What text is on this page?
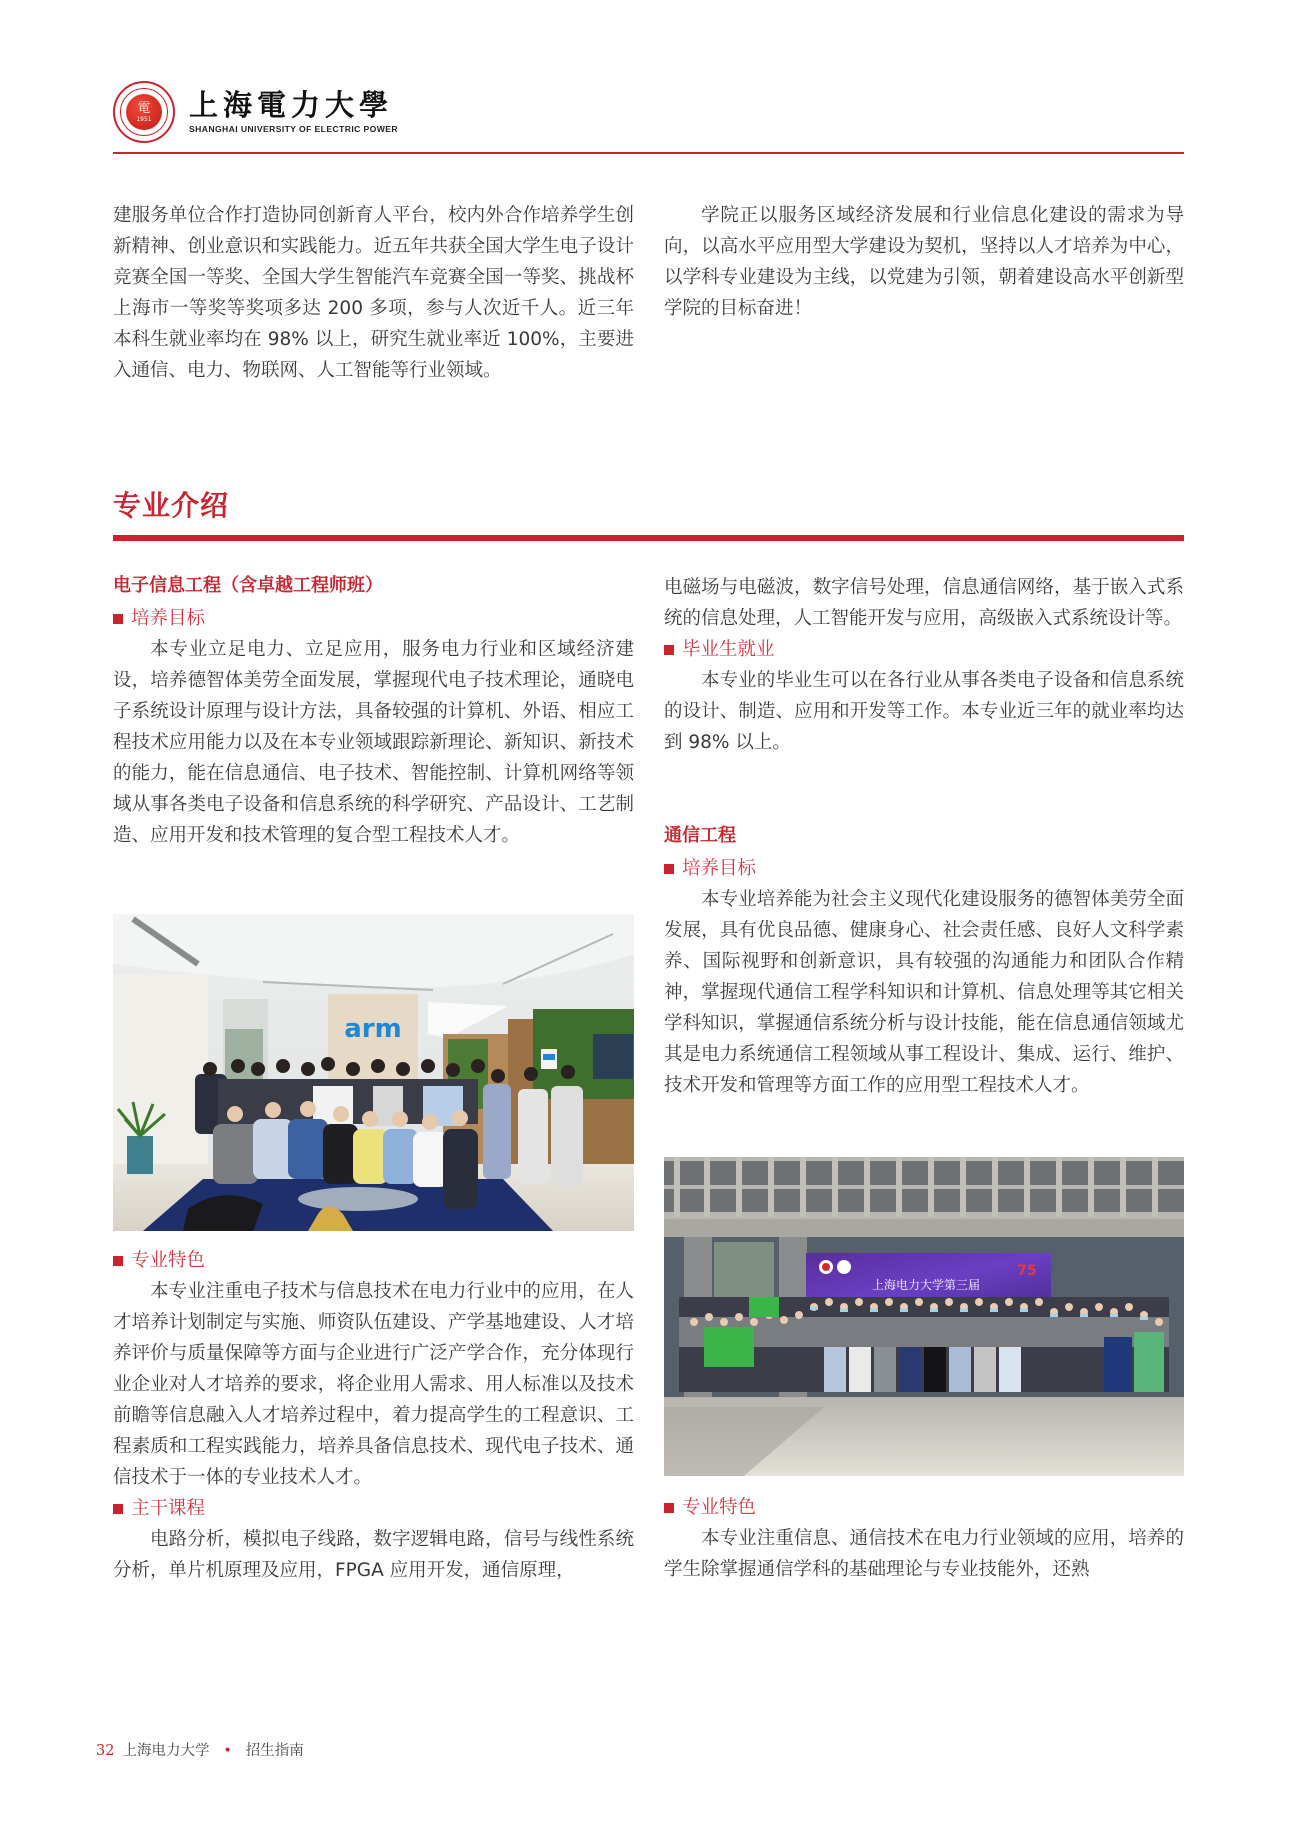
電
1951 上海電力大學
SHANGHAI UNIVERSITY OF ELECTRIC POWER

建服务单位合作打造协同创新育人平台，校内外合作培养学生创新精神、创业意识和实践能力。近五年共获全国大学生电子设计竞赛全国一等奖、全国大学生智能汽车竞赛全国一等奖、挑战杯上海市一等奖等奖项多达 200 多项，参与人次近千人。近三年本科生就业率均在 98% 以上，研究生就业率近 100%，主要进入通信、电力、物联网、人工智能等行业领域。

学院正以服务区域经济发展和行业信息化建设的需求为导向，以高水平应用型大学建设为契机，坚持以人才培养为中心，以学科专业建设为主线，以党建为引领，朝着建设高水平创新型学院的目标奋进！

专业介绍

电子信息工程（含卓越工程师班）

培养目标

本专业立足电力、立足应用，服务电力行业和区域经济建设，培养德智体美劳全面发展，掌握现代电子技术理论，通晓电子系统设计原理与设计方法，具备较强的计算机、外语、相应工程技术应用能力以及在本专业领域跟踪新理论、新知识、新技术的能力，能在信息通信、电子技术、智能控制、计算机网络等领域从事各类电子设备和信息系统的科学研究、产品设计、工艺制造、应用开发和技术管理的复合型工程技术人才。

arm

专业特色

本专业注重电子技术与信息技术在电力行业中的应用，在人才培养计划制定与实施、师资队伍建设、产学基地建设、人才培养评价与质量保障等方面与企业进行广泛产学合作，充分体现行业企业对人才培养的要求，将企业用人需求、用人标准以及技术前瞻等信息融入人才培养过程中，着力提高学生的工程意识、工程素质和工程实践能力，培养具备信息技术、现代电子技术、通信技术于一体的专业技术人才。

主干课程

电路分析，模拟电子线路，数字逻辑电路，信号与线性系统分析，单片机原理及应用，FPGA 应用开发，通信原理，

电磁场与电磁波，数字信号处理，信息通信网络，基于嵌入式系统的信息处理，人工智能开发与应用，高级嵌入式系统设计等。

毕业生就业

本专业的毕业生可以在各行业从事各类电子设备和信息系统的设计、制造、应用和开发等工作。本专业近三年的就业率均达到 98% 以上。

通信工程

培养目标

本专业培养能为社会主义现代化建设服务的德智体美劳全面发展，具有优良品德、健康身心、社会责任感、良好人文科学素养、国际视野和创新意识，具有较强的沟通能力和团队合作精神，掌握现代通信工程学科知识和计算机、信息处理等其它相关学科知识，掌握通信系统分析与设计技能，能在信息通信领域尤其是电力系统通信工程领域从事工程设计、集成、运行、维护、技术开发和管理等方面工作的应用型工程技术人才。

75
上海电力大学第三届

专业特色

本专业注重信息、通信技术在电力行业领域的应用，培养的学生除掌握通信学科的基础理论与专业技能外，还熟

32 上海电力大学 • 招生指南
